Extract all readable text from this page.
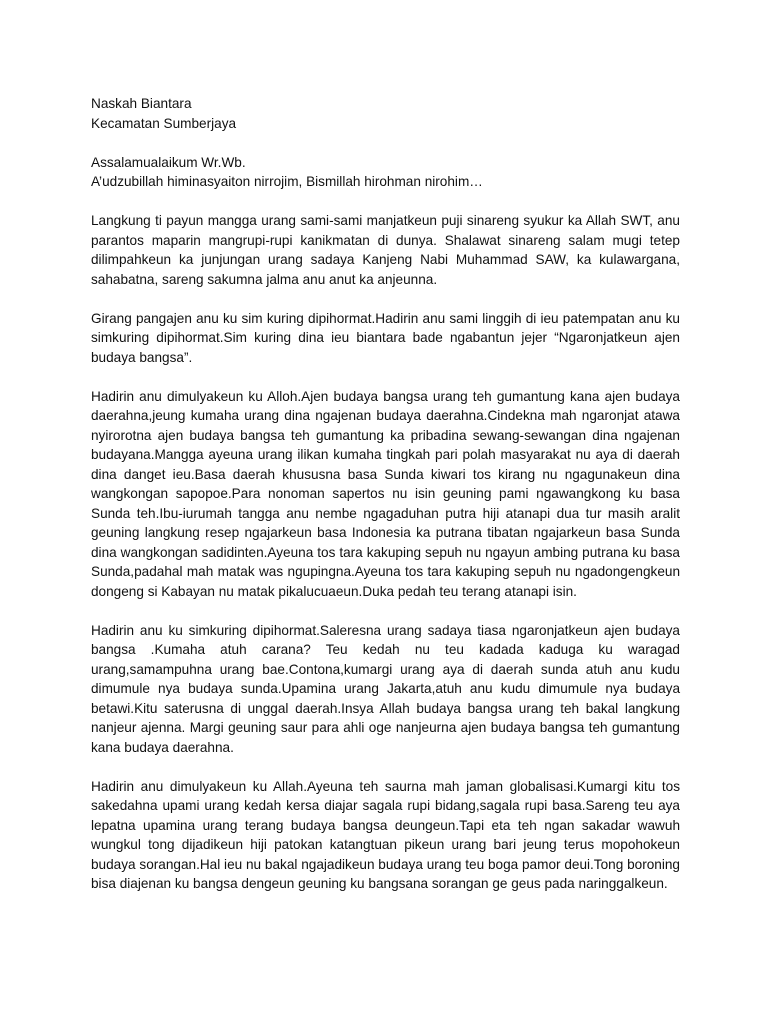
Naskah Biantara
Kecamatan Sumberjaya
Assalamualaikum Wr.Wb.
A’udzubillah himinasyaiton nirrojim, Bismillah hirohman nirohim…

Langkung ti payun mangga urang sami-sami manjatkeun puji sinareng syukur ka Allah SWT, anu parantos maparin mangrupi-rupi kanikmatan di dunya. Shalawat sinareng salam mugi tetep dilimpahkeun ka junjungan urang sadaya Kanjeng Nabi Muhammad SAW, ka kulawargana, sahabatna, sareng sakumna jalma anu anut ka anjeunna.

Girang pangajen anu ku sim kuring dipihormat.Hadirin anu sami linggih di ieu patempatan anu ku simkuring dipihormat.Sim kuring dina ieu biantara bade ngabantun jejer “Ngaronjatkeun ajen budaya bangsa”.

Hadirin anu dimulyakeun ku Alloh.Ajen budaya bangsa urang teh gumantung kana ajen budaya daerahna,jeung kumaha urang dina ngajenan budaya daerahna.Cindekna mah ngaronjat atawa nyirorotna ajen budaya bangsa teh gumantung ka pribadina sewang-sewangan dina ngajenan budayana.Mangga ayeuna urang ilikan kumaha tingkah pari polah masyarakat nu aya di daerah dina danget ieu.Basa daerah khususna basa Sunda kiwari tos kirang nu ngagunakeun dina wangkongan sapopoe.Para nonoman sapertos nu isin geuning pami ngawangkong ku basa Sunda teh.Ibu-iurumah tangga anu nembe ngagaduhan putra hiji atanapi dua tur masih aralit geuning langkung resep ngajarkeun basa Indonesia ka putrana tibatan ngajarkeun basa Sunda dina wangkongan sadidinten.Ayeuna tos tara kakuping sepuh nu ngayun ambing putrana ku basa Sunda,padahal mah matak was ngupingna.Ayeuna tos tara kakuping sepuh nu ngadongengkeun dongeng si Kabayan nu matak pikalucuaeun.Duka pedah teu terang atanapi isin.

Hadirin anu ku simkuring dipihormat.Saleresna urang sadaya tiasa ngaronjatkeun ajen budaya bangsa .Kumaha atuh carana? Teu kedah nu teu kadada kaduga ku waragad urang,samampuhna urang bae.Contona,kumargi urang aya di daerah sunda atuh anu kudu dimumule nya budaya sunda.Upamina urang Jakarta,atuh anu kudu dimumule nya budaya betawi.Kitu saterusna di unggal daerah.Insya Allah budaya bangsa urang teh bakal langkung nanjeur ajenna. Margi geuning saur para ahli oge nanjeurna ajen budaya bangsa teh gumantung kana budaya daerahna.

Hadirin anu dimulyakeun ku Allah.Ayeuna teh saurna mah jaman globalisasi.Kumargi kitu tos sakedahna upami urang kedah kersa diajar sagala rupi bidang,sagala rupi basa.Sareng teu aya lepatna upamina urang terang budaya bangsa deungeun.Tapi eta teh ngan sakadar wawuh wungkul tong dijadikeun hiji patokan katangtuan pikeun urang bari jeung terus mopohokeun budaya sorangan.Hal ieu nu bakal ngajadikeun budaya urang teu boga pamor deui.Tong boroning bisa diajenan ku bangsa dengeun geuning ku bangsana sorangan ge geus pada naringgalkeun.
